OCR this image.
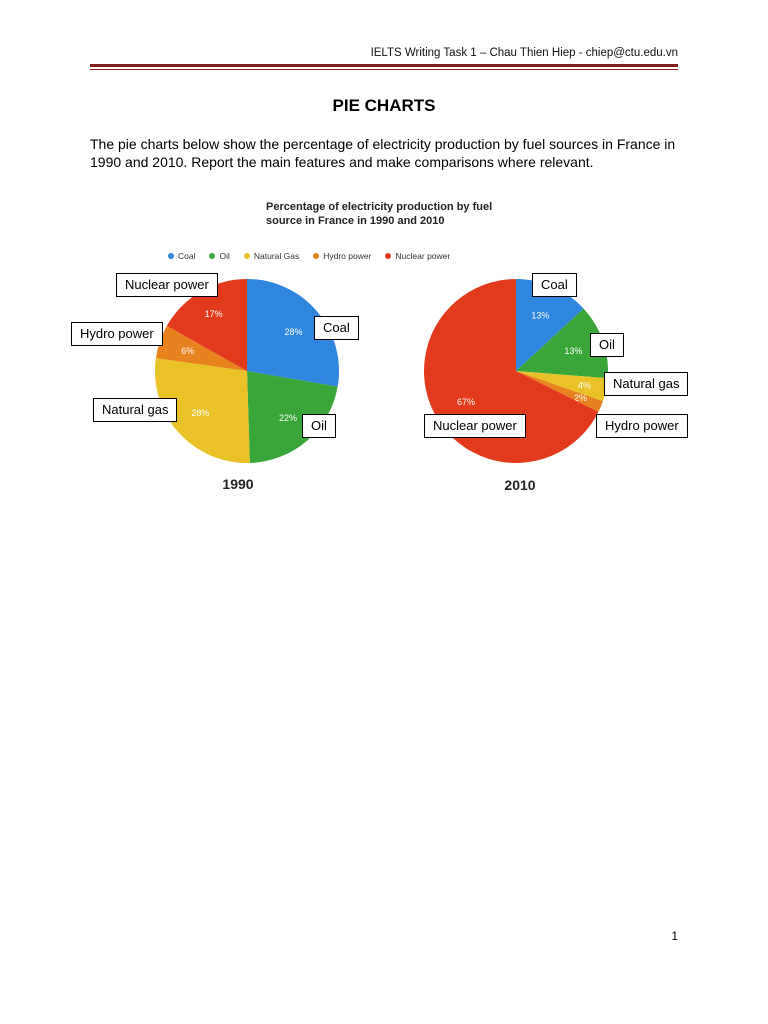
IELTS Writing Task 1 – Chau Thien Hiep - chiep@ctu.edu.vn
PIE CHARTS
The pie charts below show the percentage of electricity production by fuel sources in France in 1990 and 2010. Report the main features and make comparisons where relevant.
Percentage of electricity production by fuel
source in France in 1990 and 2010
Coal	Oil	Natural Gas	Hydro power	Nuclear power
28%
22%
28%
6%
17%
1990
13%
13%
4%
2%
67%
2010
Nuclear power
Hydro power	Coal
Natural gas
Oil
Coal
Oil
Natural gas
Nuclear power	Hydro power
1
